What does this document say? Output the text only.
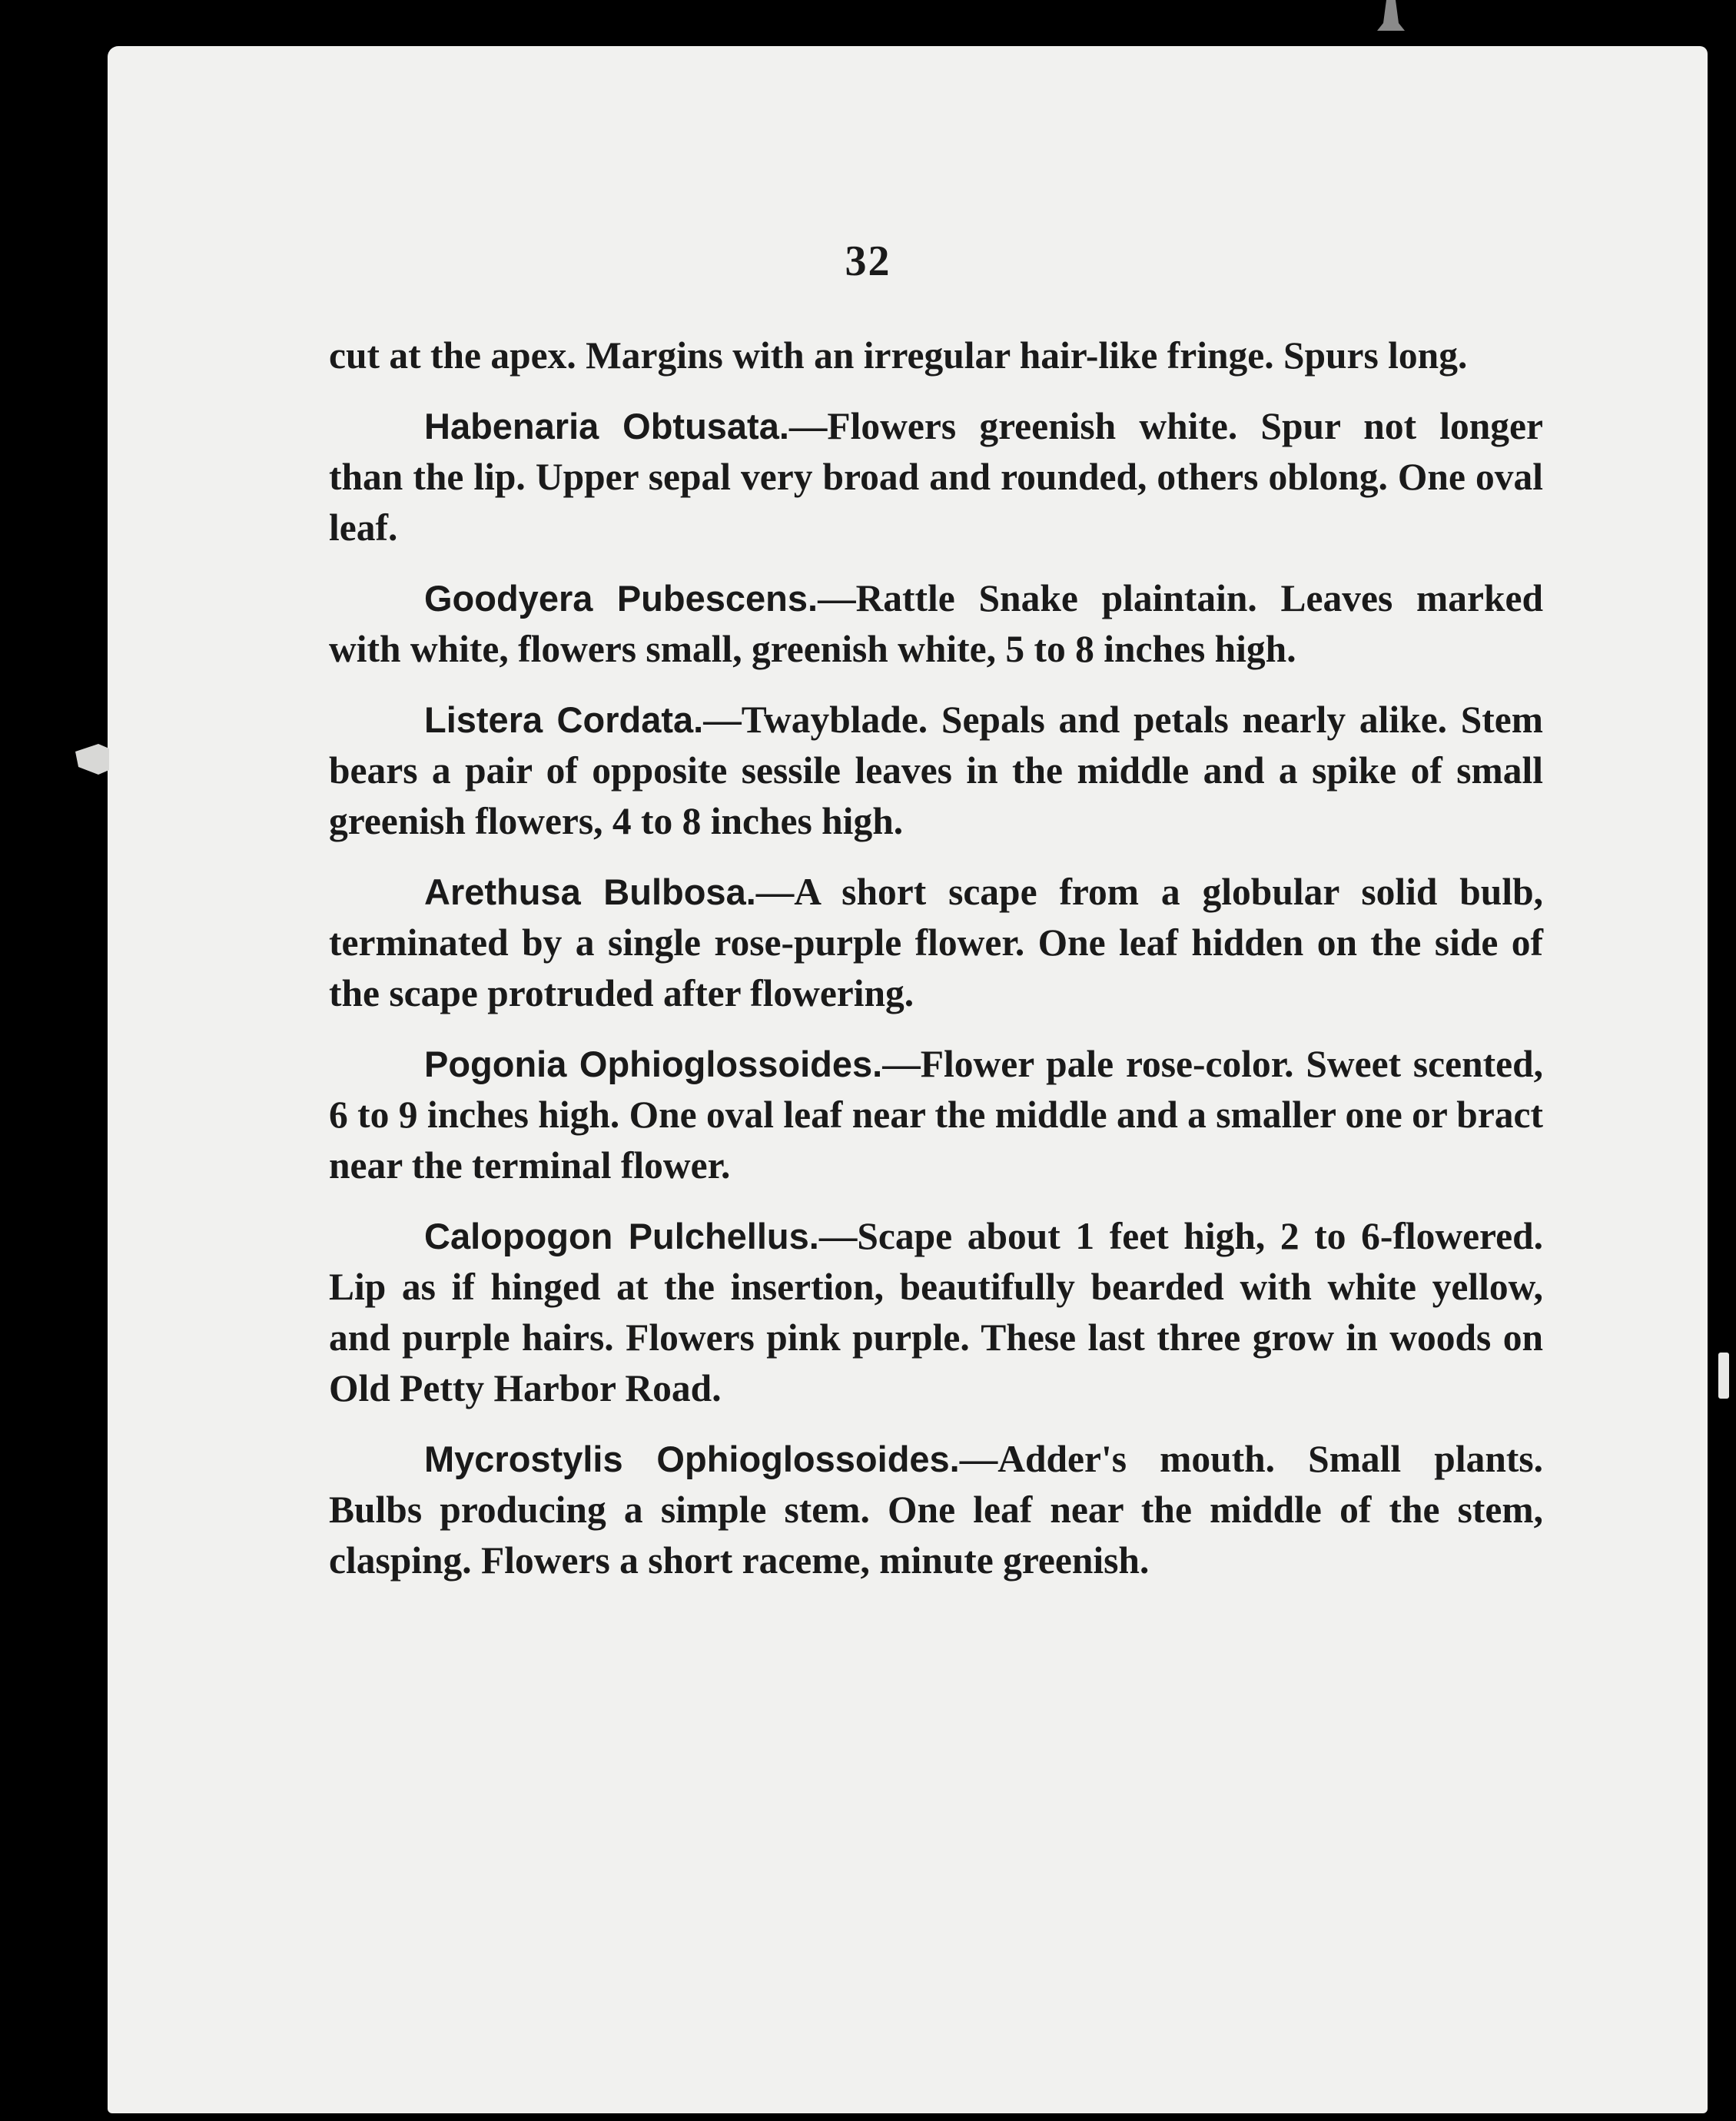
32

cut at the apex. Margins with an irregular hair-like fringe. Spurs long.

Habenaria Obtusata.—Flowers greenish white. Spur not longer than the lip. Upper sepal very broad and rounded, others oblong. One oval leaf.

Goodyera Pubescens.—Rattle Snake plaintain. Leaves marked with white, flowers small, greenish white, 5 to 8 inches high.

Listera Cordata.—Twayblade. Sepals and petals nearly alike. Stem bears a pair of opposite sessile leaves in the middle and a spike of small greenish flowers, 4 to 8 inches high.

Arethusa Bulbosa.—A short scape from a globular solid bulb, terminated by a single rose-purple flower. One leaf hidden on the side of the scape protruded after flowering.

Pogonia Ophioglossoides.—Flower pale rose-color. Sweet scented, 6 to 9 inches high. One oval leaf near the middle and a smaller one or bract near the terminal flower.

Calopogon Pulchellus.—Scape about 1 feet high, 2 to 6-flowered. Lip as if hinged at the insertion, beautifully bearded with white yellow, and purple hairs. Flowers pink purple. These last three grow in woods on Old Petty Harbor Road.

Mycrostylis Ophioglossoides.—Adder's mouth. Small plants. Bulbs producing a simple stem. One leaf near the middle of the stem, clasping. Flowers a short raceme, minute greenish.
